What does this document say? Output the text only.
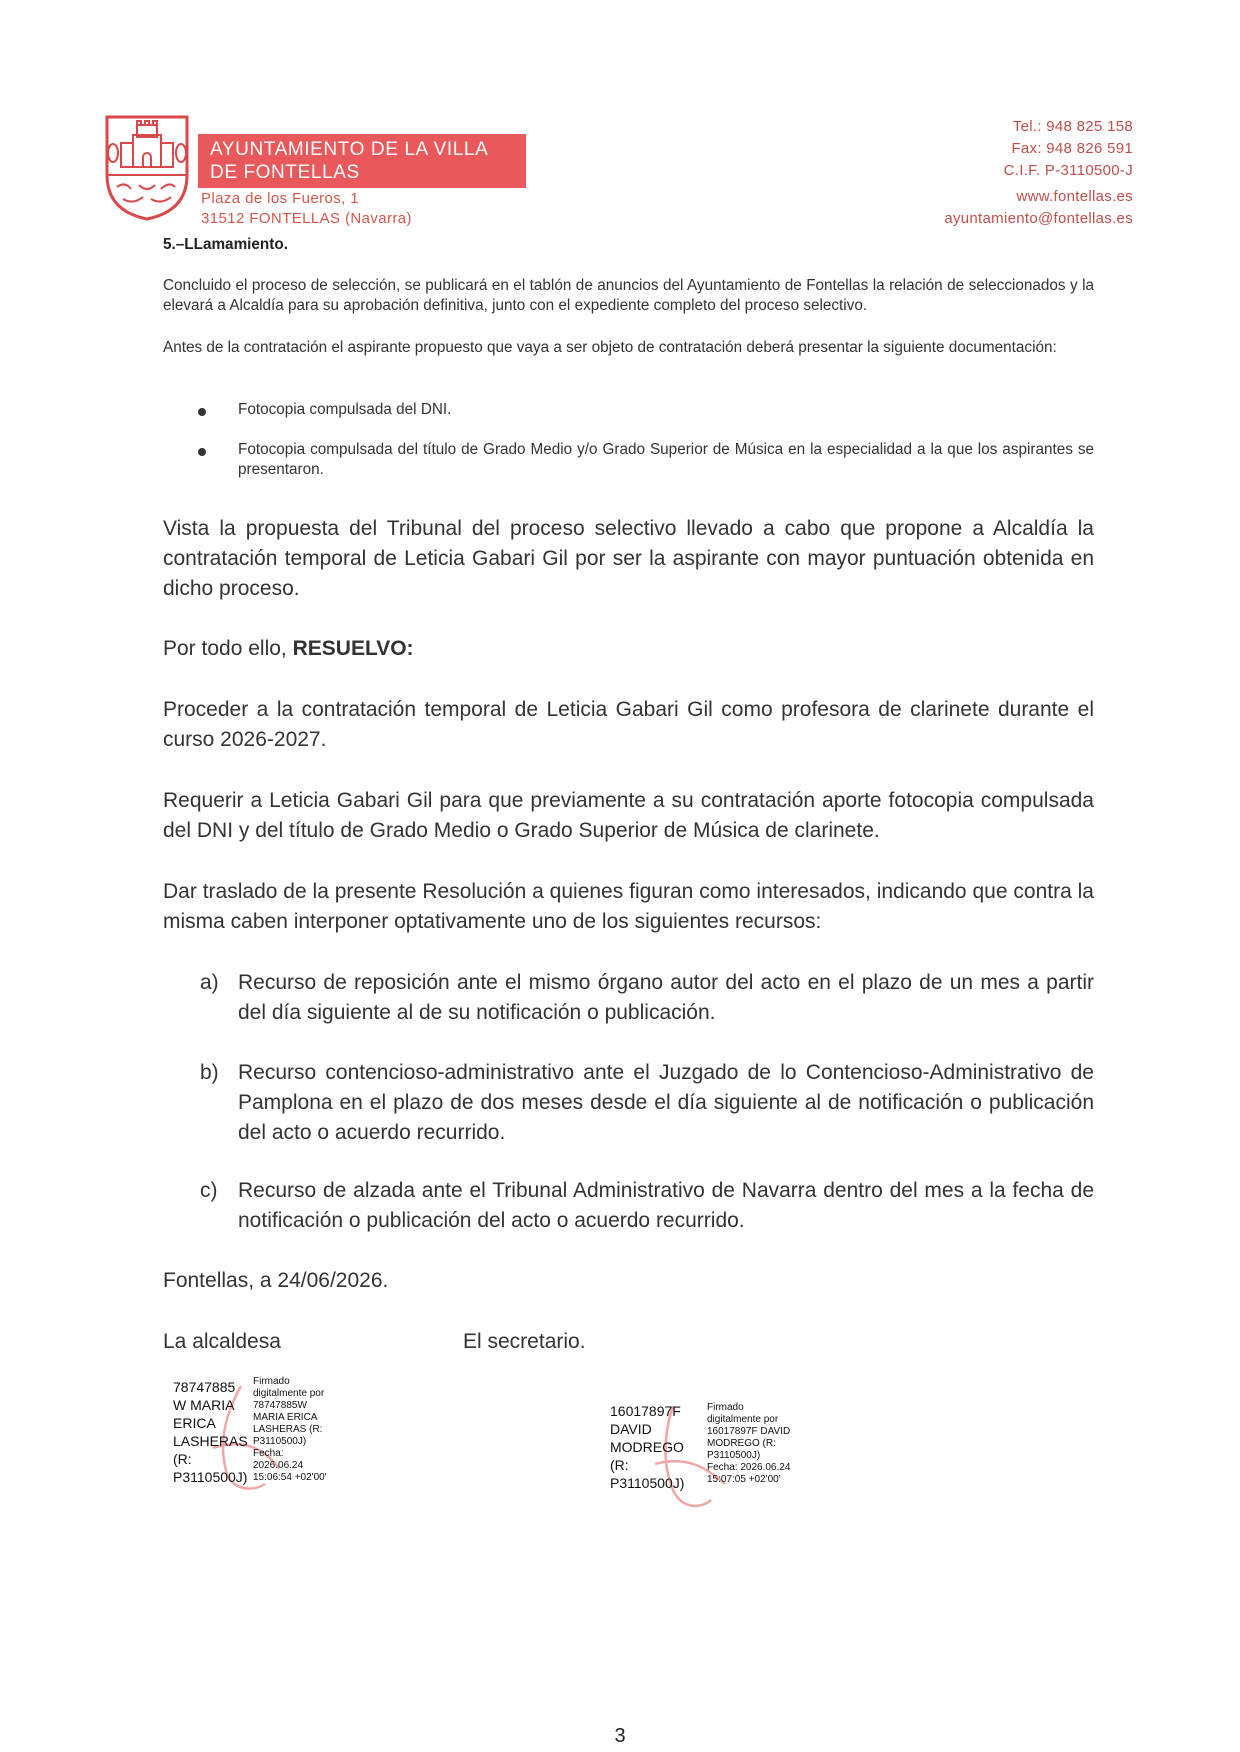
AYUNTAMIENTO DE LA VILLA
DE FONTELLAS
Plaza de los Fueros, 1
31512 FONTELLAS (Navarra)
Tel.: 948 825 158
Fax: 948 826 591
C.I.F. P-3110500-J
www.fontellas.es
ayuntamiento@fontellas.es
5.–LLamamiento.
Concluido el proceso de selección, se publicará en el tablón de anuncios del Ayuntamiento de Fontellas la relación de seleccionados y la elevará a Alcaldía para su aprobación definitiva, junto con el expediente completo del proceso selectivo.
Antes de la contratación el aspirante propuesto que vaya a ser objeto de contratación deberá presentar la siguiente documentación:
Fotocopia compulsada del DNI.
Fotocopia compulsada del título de Grado Medio y/o Grado Superior de Música en la especialidad a la que los aspirantes se presentaron.
Vista la propuesta del Tribunal del proceso selectivo llevado a cabo que propone a Alcaldía la contratación temporal de Leticia Gabari Gil por ser la aspirante con mayor puntuación obtenida en dicho proceso.
Por todo ello, RESUELVO:
Proceder a la contratación temporal de Leticia Gabari Gil como profesora de clarinete durante el curso 2026-2027.
Requerir a Leticia Gabari Gil para que previamente a su contratación aporte fotocopia compulsada del DNI y del título de Grado Medio o Grado Superior de Música de clarinete.
Dar traslado de la presente Resolución a quienes figuran como interesados, indicando que contra la misma caben interponer optativamente uno de los siguientes recursos:
a) Recurso de reposición ante el mismo órgano autor del acto en el plazo de un mes a partir del día siguiente al de su notificación o publicación.
b) Recurso contencioso-administrativo ante el Juzgado de lo Contencioso-Administrativo de Pamplona en el plazo de dos meses desde el día siguiente al de notificación o publicación del acto o acuerdo recurrido.
c) Recurso de alzada ante el Tribunal Administrativo de Navarra dentro del mes a la fecha de notificación o publicación del acto o acuerdo recurrido.
Fontellas, a 24/06/2026.
La alcaldesa	El secretario.
78747885
W MARIA
ERICA
LASHERAS
(R:
P3110500J)
Firmado
digitalmente por
78747885W
MARIA ERICA
LASHERAS (R:
P3110500J)
Fecha:
2026.06.24
15:06:54 +02'00'
16017897F
DAVID
MODREGO
(R:
P3110500J)
Firmado
digitalmente por
16017897F DAVID
MODREGO (R:
P3110500J)
Fecha: 2026.06.24
15:07:05 +02'00'
3
